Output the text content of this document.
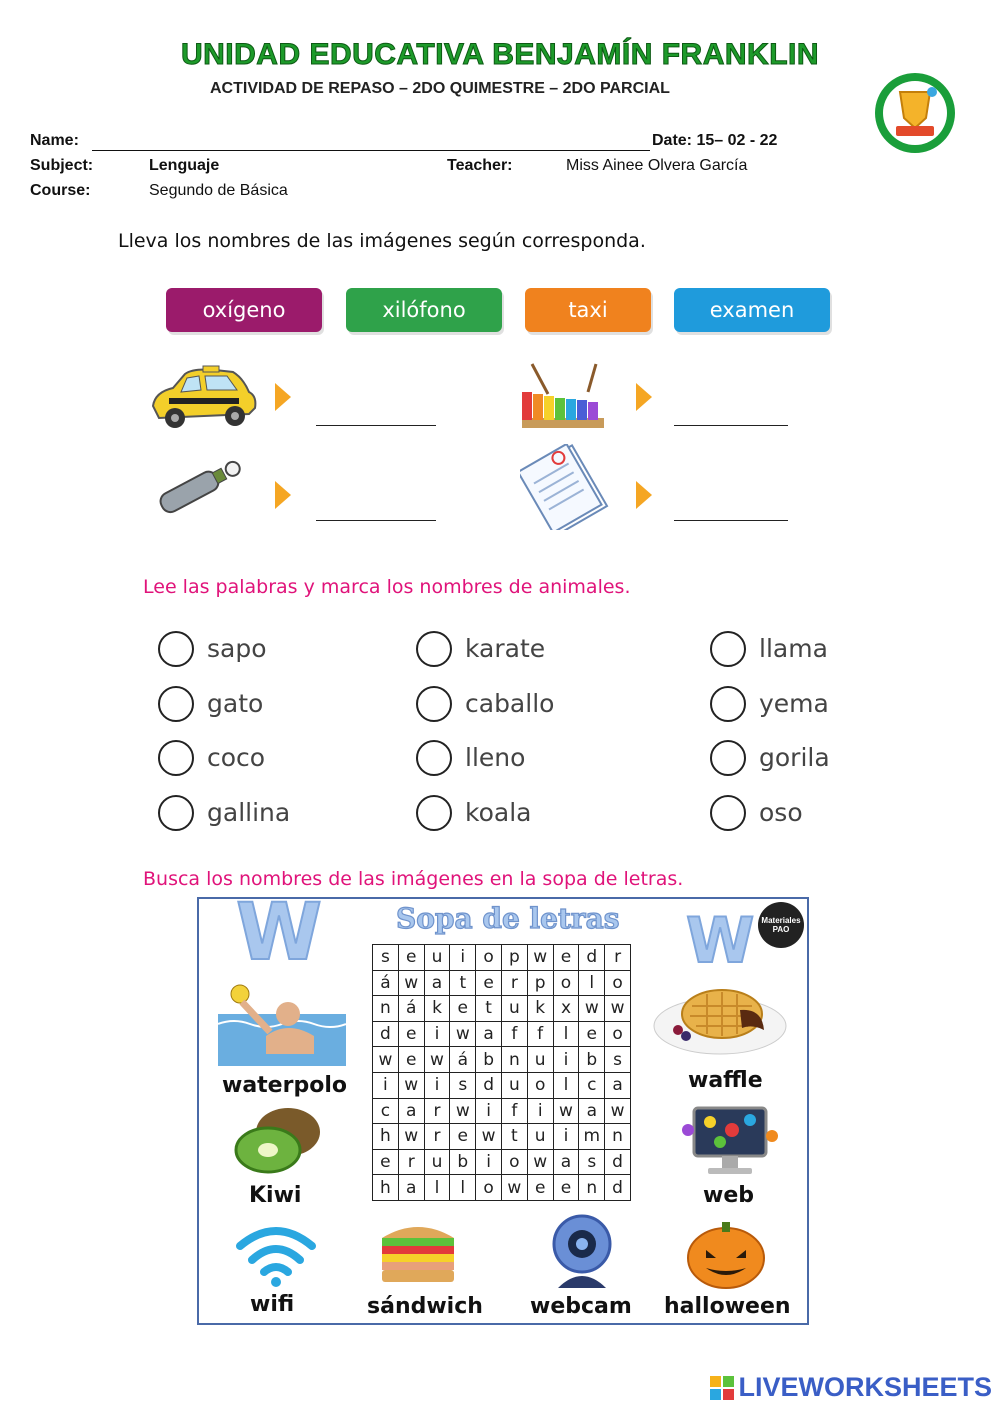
UNIDAD EDUCATIVA BENJAMÍN FRANKLIN
ACTIVIDAD DE REPASO – 2DO QUIMESTRE – 2DO PARCIAL
Name:	Date: 15– 02 - 22
Subject:	Lenguaje	Teacher:	Miss Ainee Olvera García
Course:	Segundo de Básica
Lleva los nombres de las imágenes según corresponda.
oxígeno	xilófono	taxi	examen
Lee las palabras y marca los nombres de animales.
sapo
gato
coco
gallina
karate
caballo
lleno
koala
llama
yema
gorila
oso
Busca los nombres de las imágenes en la sopa de letras.
W	W
Sopa de letras	Materiales PAO
s	e	u	i	o	p	w	e	d	r
á	w	a	t	e	r	p	o	l	o
n	á	k	e	t	u	k	x	w	w
d	e	i	w	a	f	f	l	e	o
w	e	w	á	b	n	u	i	b	s
i	w	i	s	d	u	o	l	c	a
c	a	r	w	i	f	i	w	a	w
h	w	r	e	w	t	u	i	m	n
e	r	u	b	i	o	w	a	s	d
h	a	l	l	o	w	e	e	n	d
waterpolo
Kiwi
wifi	sándwich webcam halloween
waffle
web
LIVEWORKSHEETS
